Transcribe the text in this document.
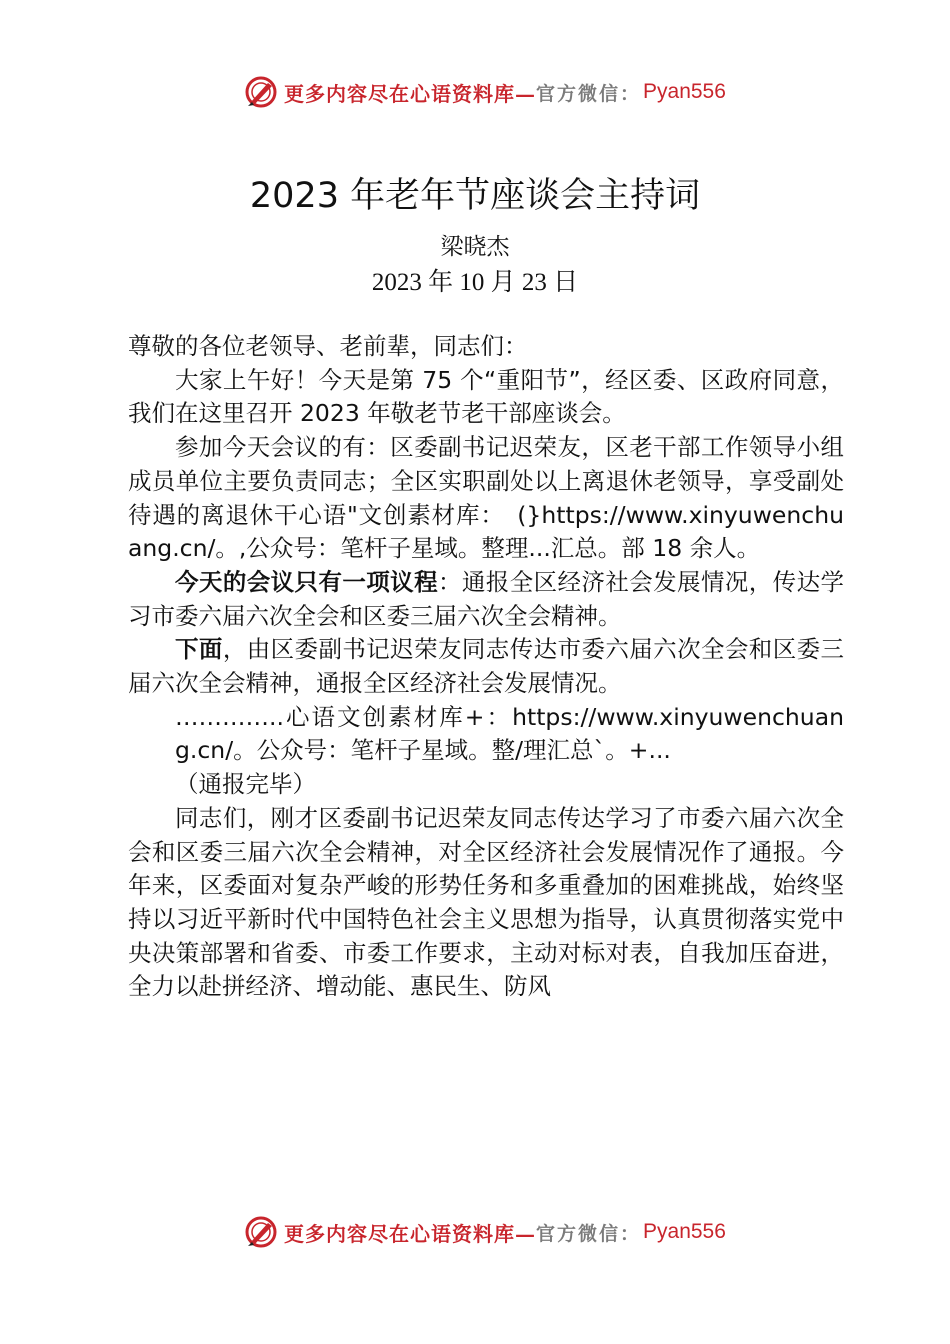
更多内容尽在心语资料库— 官方微信： Pyan556
2023 年老年节座谈会主持词
梁晓杰
2023 年 10 月 23 日

尊敬的各位老领导、老前辈，同志们：

大家上午好！今天是第 75 个“重阳节”，经区委、区政府同意，我们在这里召开 2023 年敬老节老干部座谈会。

参加今天会议的有：区委副书记迟荣友，区老干部工作领导小组成员单位主要负责同志；全区实职副处以上离退休老领导，享受副处待遇的离退休干心语"文创素材库：　(}https://www.xinyuwenchuang.cn/。,公众号：笔杆子星域。整理...汇总。部 18 余人。

今天的会议只有一项议程：通报全区经济社会发展情况，传达学习市委六届六次全会和区委三届六次全会精神。

下面，由区委副书记迟荣友同志传达市委六届六次全会和区委三届六次全会精神，通报全区经济社会发展情况。

…………..心语文创素材库+：https://www.xinyuwenchuang.cn/。公众号：笔杆子星域。整/理汇总`。+...

（通报完毕）

同志们，刚才区委副书记迟荣友同志传达学习了市委六届六次全会和区委三届六次全会精神，对全区经济社会发展情况作了通报。今年来，区委面对复杂严峻的形势任务和多重叠加的困难挑战，始终坚持以习近平新时代中国特色社会主义思想为指导，认真贯彻落实党中央决策部署和省委、市委工作要求，主动对标对表，自我加压奋进，全力以赴拼经济、增动能、惠民生、防风

更多内容尽在心语资料库— 官方微信： Pyan556
